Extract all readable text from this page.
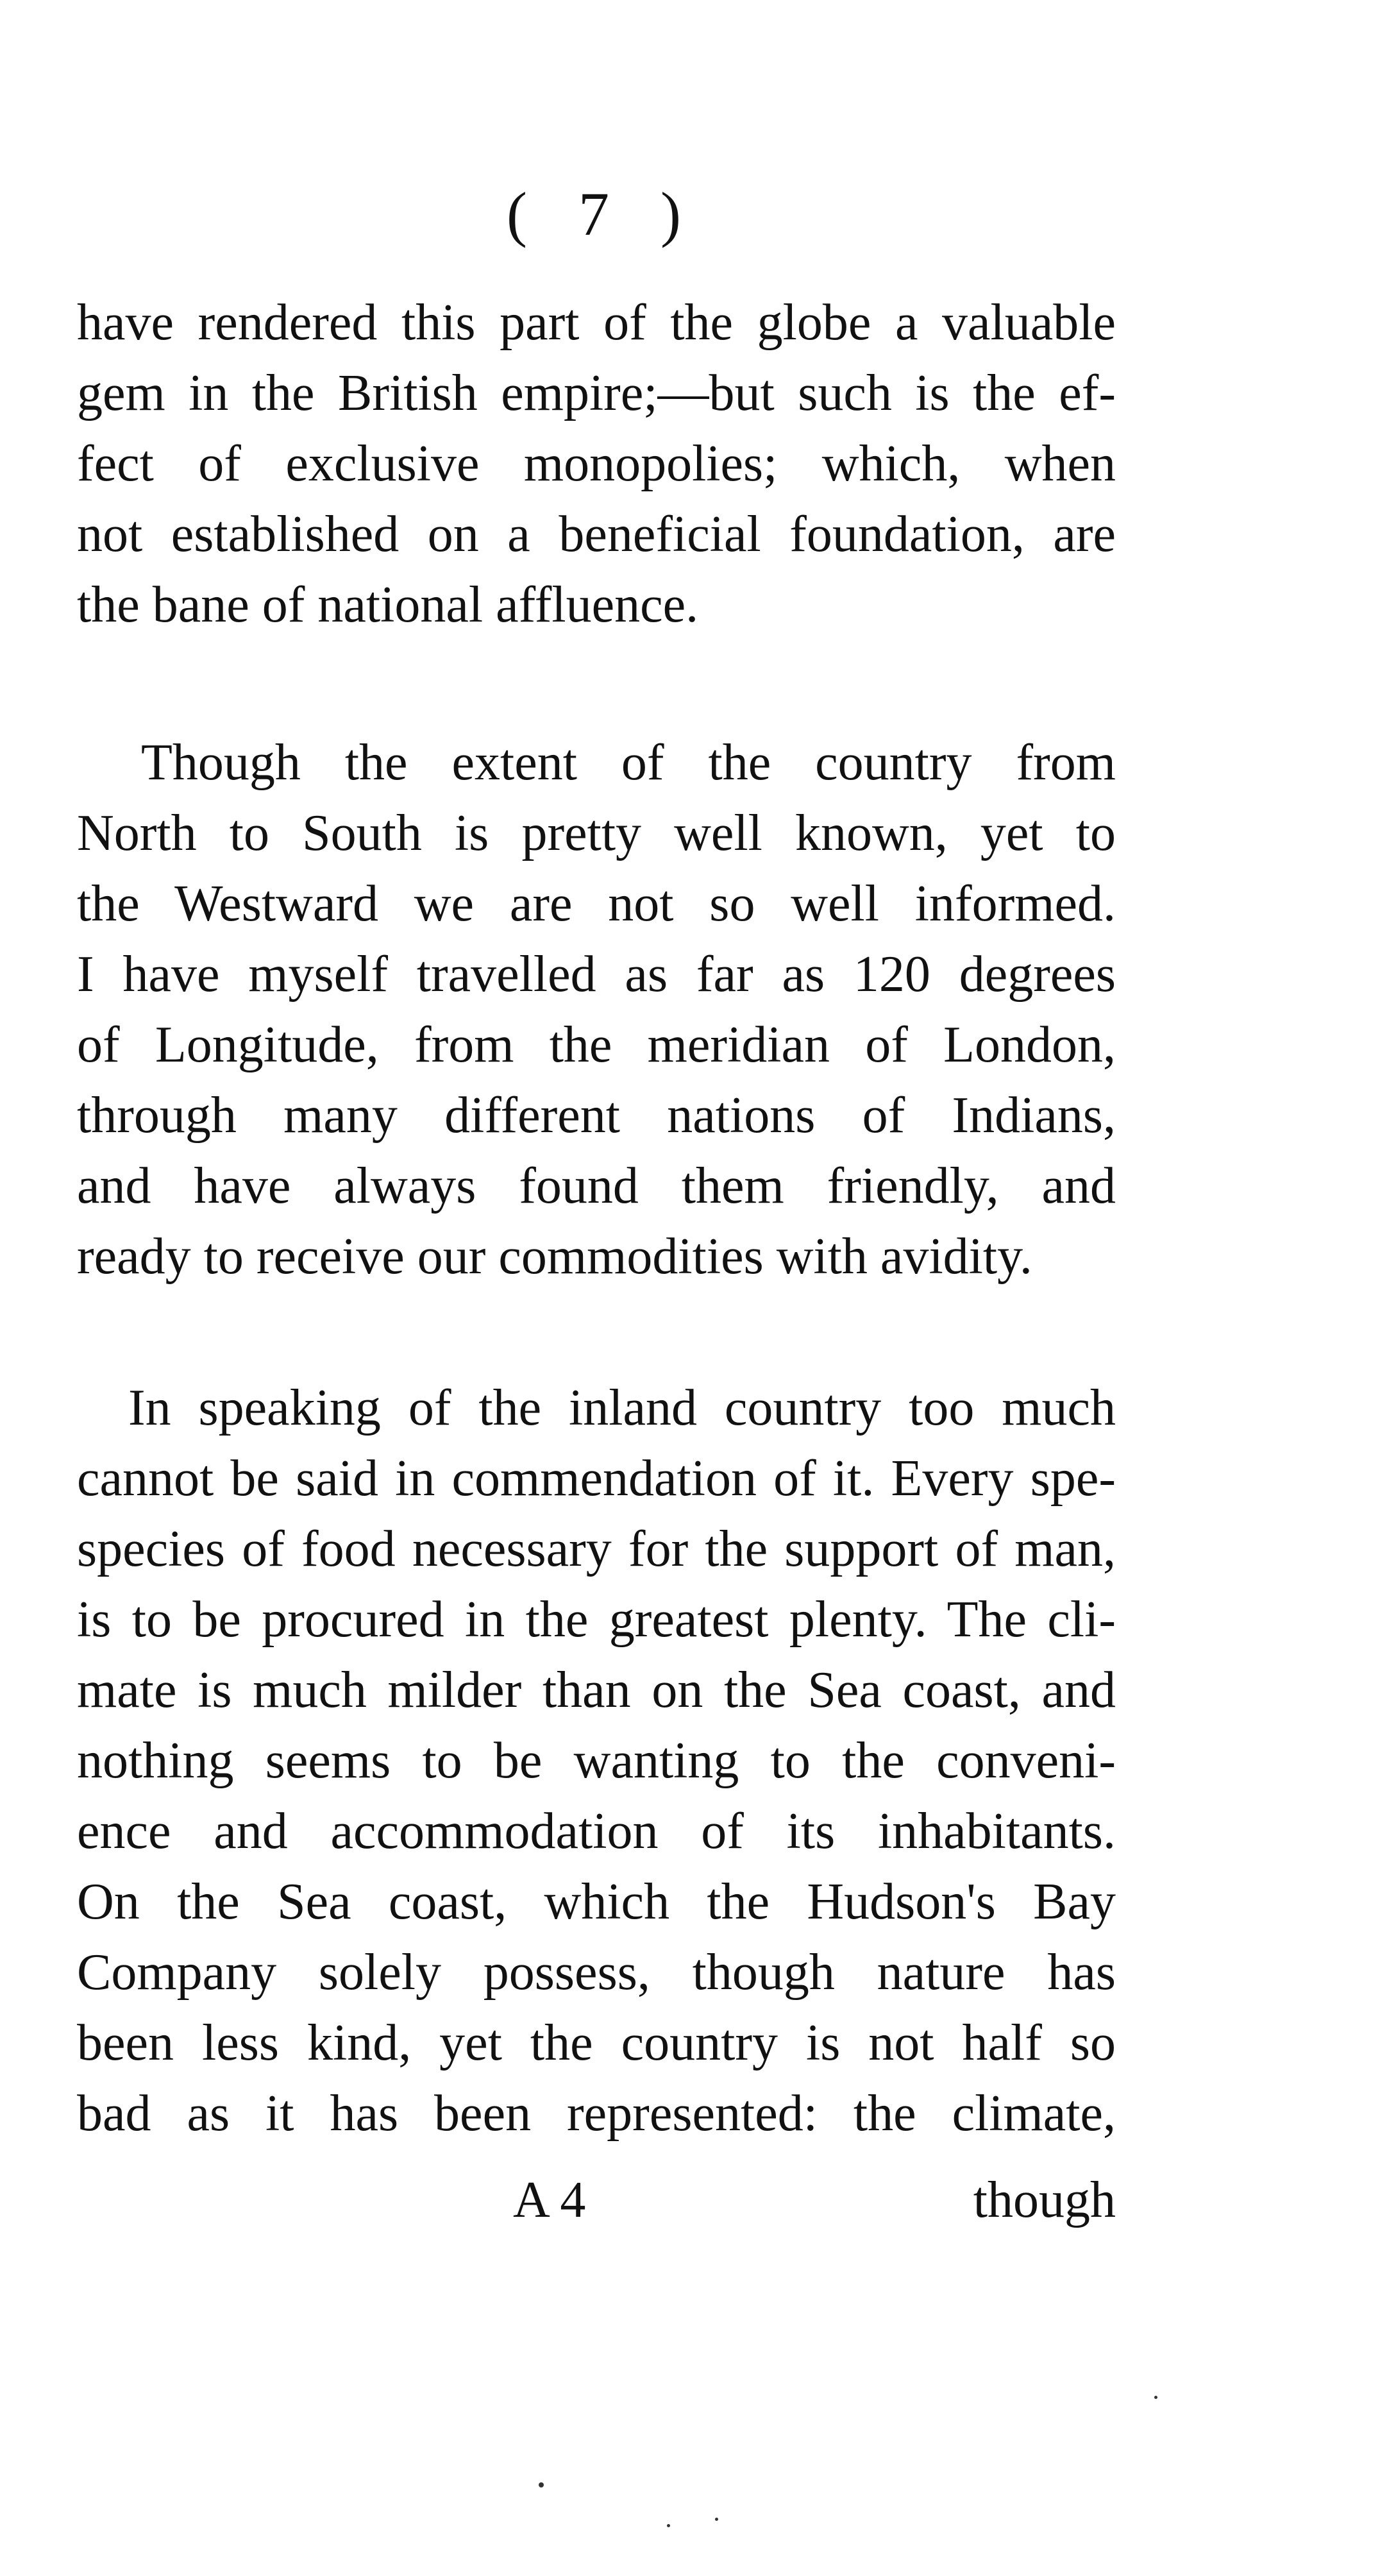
( 7 )
have rendered this part of the globe a valuable
gem in the British empire;—but such is the ef-
fect of exclusive monopolies; which, when
not established on a beneficial foundation, are
the bane of national affluence.
Though the extent of the country from
North to South is pretty well known, yet to
the Westward we are not so well informed.
I have myself travelled as far as 120 degrees
of Longitude, from the meridian of London,
through many different nations of Indians,
and have always found them friendly, and
ready to receive our commodities with avidity.
In speaking of the inland country too much
cannot be said in commendation of it. Every spe-
species of food necessary for the support of man,
is to be procured in the greatest plenty. The cli-
mate is much milder than on the Sea coast, and
nothing seems to be wanting to the conveni-
ence and accommodation of its inhabitants.
On the Sea coast, which the Hudson's Bay
Company solely possess, though nature has
been less kind, yet the country is not half so
bad as it has been represented: the climate,
A 4	though
